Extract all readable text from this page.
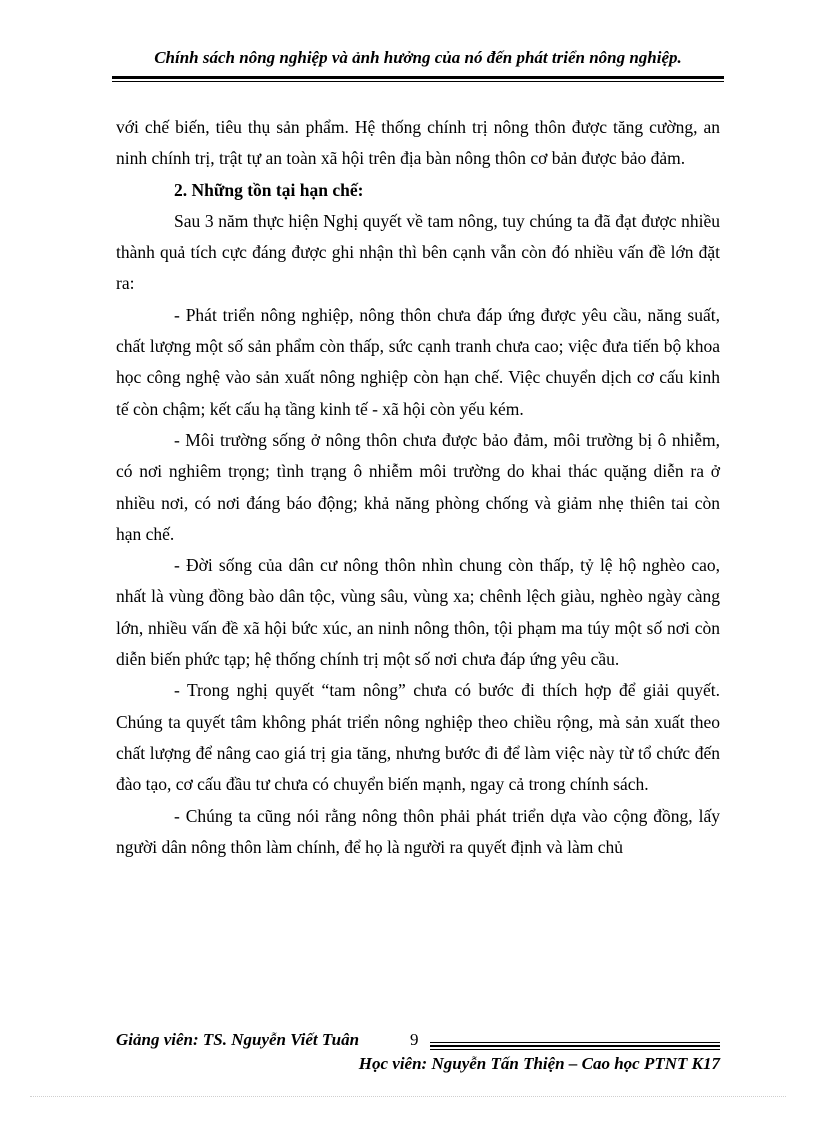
Chính sách nông nghiệp và ảnh hưởng của nó đến phát triển nông nghiệp.

với chế biến, tiêu thụ sản phẩm. Hệ thống chính trị nông thôn được tăng cường, an ninh chính trị, trật tự an toàn xã hội trên địa bàn nông thôn cơ bản được bảo đảm.

2. Những tồn tại hạn chế:

Sau 3 năm thực hiện Nghị quyết về tam nông, tuy chúng ta đã đạt được nhiều thành quả tích cực đáng được ghi nhận thì bên cạnh vẫn còn đó nhiều vấn đề lớn đặt ra:

- Phát triển nông nghiệp, nông thôn chưa đáp ứng được yêu cầu, năng suất, chất lượng một số sản phẩm còn thấp, sức cạnh tranh chưa cao; việc đưa tiến bộ khoa học công nghệ vào sản xuất nông nghiệp còn hạn chế. Việc chuyển dịch cơ cấu kinh tế còn chậm; kết cấu hạ tầng kinh tế - xã hội còn yếu kém.

- Môi trường sống ở nông thôn chưa được bảo đảm, môi trường bị ô nhiễm, có nơi nghiêm trọng; tình trạng ô nhiễm môi trường do khai thác quặng diễn ra ở nhiều nơi, có nơi đáng báo động; khả năng phòng chống và giảm nhẹ thiên tai còn hạn chế.

- Đời sống của dân cư nông thôn nhìn chung còn thấp, tỷ lệ hộ nghèo cao, nhất là vùng đồng bào dân tộc, vùng sâu, vùng xa; chênh lệch giàu, nghèo ngày càng lớn, nhiều vấn đề xã hội bức xúc, an ninh nông thôn, tội phạm ma túy một số nơi còn diễn biến phức tạp; hệ thống chính trị một số nơi chưa đáp ứng yêu cầu.

- Trong nghị quyết “tam nông” chưa có bước đi thích hợp để giải quyết. Chúng ta quyết tâm không phát triển nông nghiệp theo chiều rộng, mà sản xuất theo chất lượng để nâng cao giá trị gia tăng, nhưng bước đi để làm việc này từ tổ chức đến đào tạo, cơ cấu đầu tư chưa có chuyển biến mạnh, ngay cả trong chính sách.

- Chúng ta cũng nói rằng nông thôn phải phát triển dựa vào cộng đồng, lấy người dân nông thôn làm chính, để họ là người ra quyết định và làm chủ

Giảng viên: TS. Nguyễn Viết Tuân	9
Học viên: Nguyễn Tấn Thiện – Cao học PTNT K17
